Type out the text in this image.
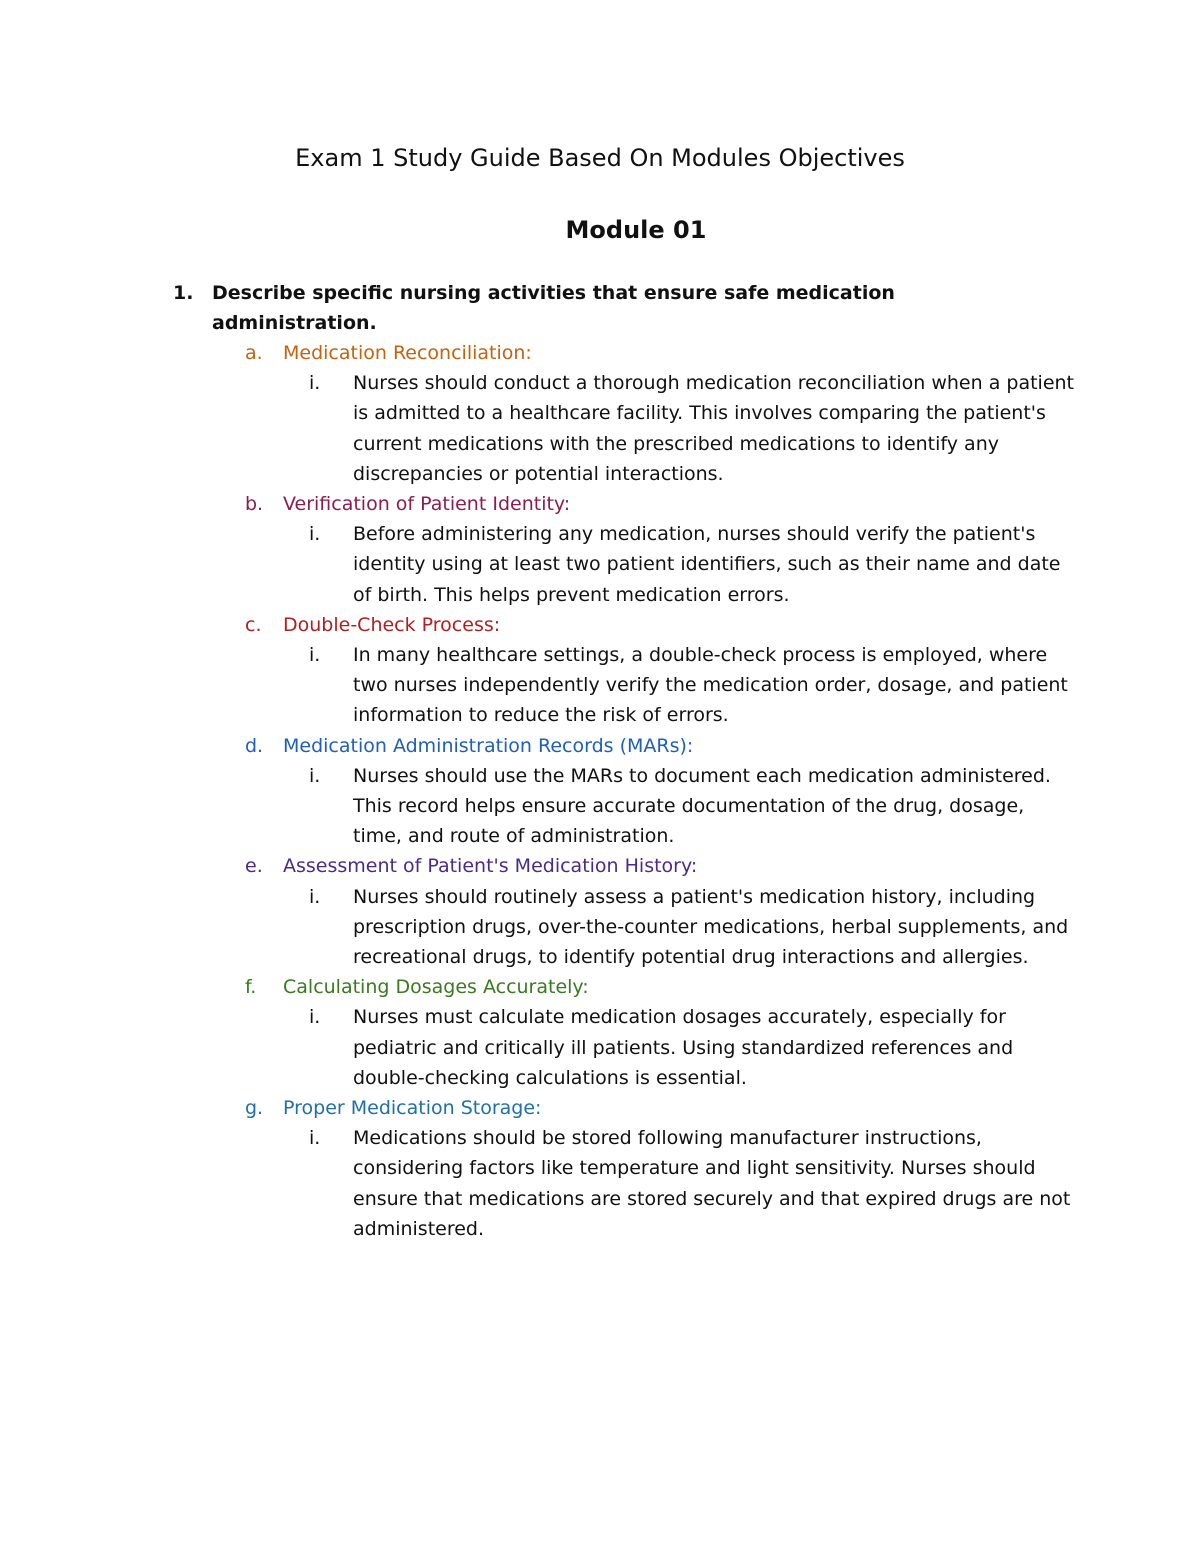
Exam 1 Study Guide Based On Modules Objectives
Module 01
1. Describe specific nursing activities that ensure safe medication administration.
a. Medication Reconciliation:
i. Nurses should conduct a thorough medication reconciliation when a patient is admitted to a healthcare facility. This involves comparing the patient's current medications with the prescribed medications to identify any discrepancies or potential interactions.
b. Verification of Patient Identity:
i. Before administering any medication, nurses should verify the patient's identity using at least two patient identifiers, such as their name and date of birth. This helps prevent medication errors.
c. Double-Check Process:
i. In many healthcare settings, a double-check process is employed, where two nurses independently verify the medication order, dosage, and patient information to reduce the risk of errors.
d. Medication Administration Records (MARs):
i. Nurses should use the MARs to document each medication administered. This record helps ensure accurate documentation of the drug, dosage, time, and route of administration.
e. Assessment of Patient's Medication History:
i. Nurses should routinely assess a patient's medication history, including prescription drugs, over-the-counter medications, herbal supplements, and recreational drugs, to identify potential drug interactions and allergies.
f. Calculating Dosages Accurately:
i. Nurses must calculate medication dosages accurately, especially for pediatric and critically ill patients. Using standardized references and double-checking calculations is essential.
g. Proper Medication Storage:
i. Medications should be stored following manufacturer instructions, considering factors like temperature and light sensitivity. Nurses should ensure that medications are stored securely and that expired drugs are not administered.
